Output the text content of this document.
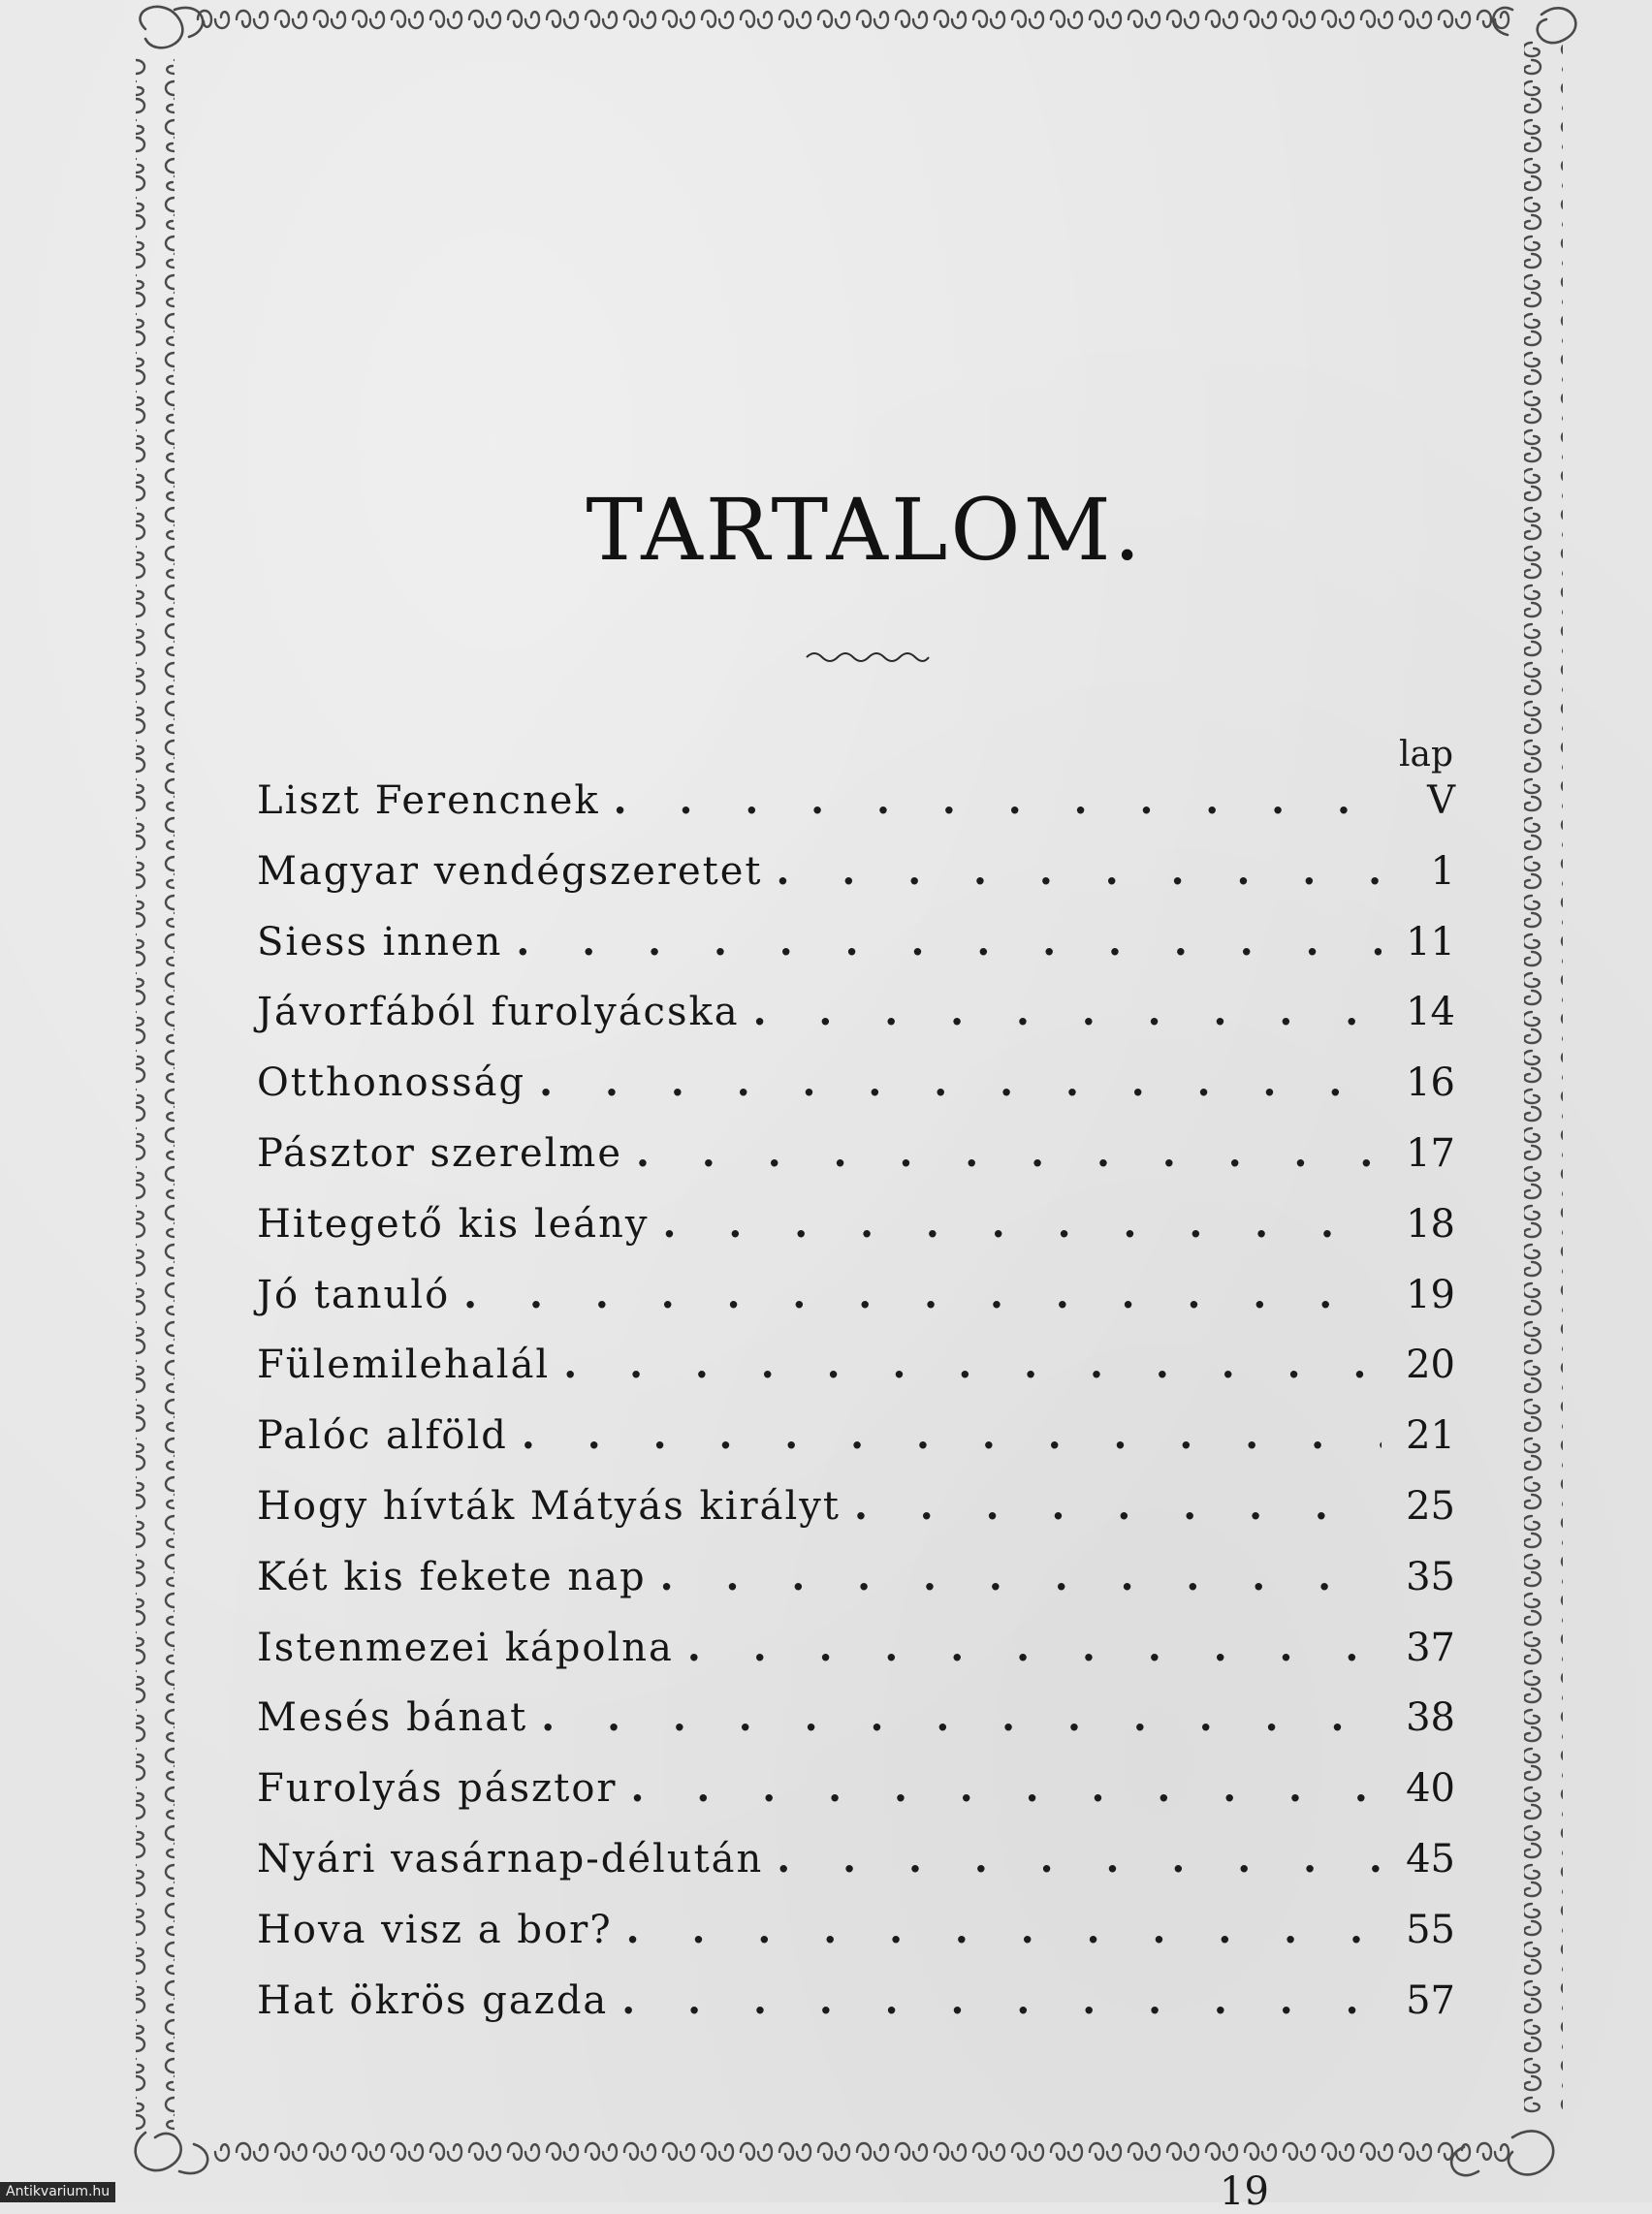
TARTALOM.
lap
Liszt Ferencnek . . .	V
Magyar vendégszeretet . . .	1
Siess innen . . .	11
Jávorfából furolyácska . . .	14
Otthonosság . . .	16
Pásztor szerelme . . .	17
Hitegető kis leány . . .	18
Jó tanuló . . .	19
Fülemilehalál . . .	20
Palóc alföld . . .	21
Hogy hívták Mátyás királyt . . .	25
Két kis fekete nap . . .	35
Istenmezei kápolna . . .	37
Mesés bánat . . .	38
Furolyás pásztor . . .	40
Nyári vasárnap-délután . . .	45
Hova visz a bor? . . .	55
Hat ökrös gazda . . .	57
19
Antikvarium.hu
